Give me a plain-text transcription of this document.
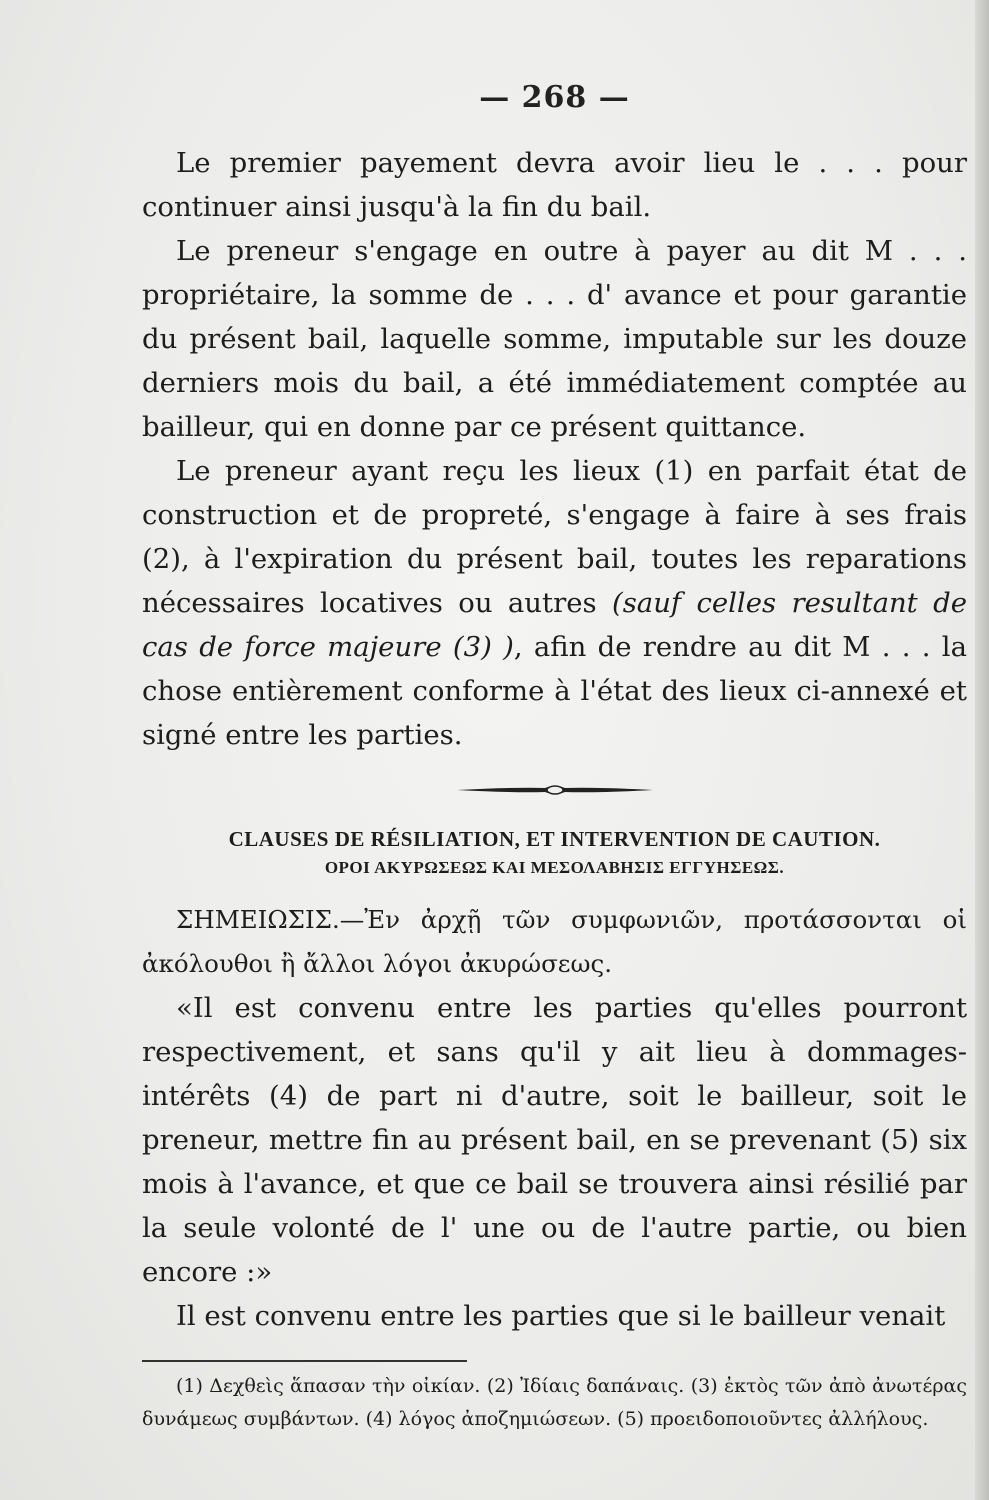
— 268 —

Le premier payement devra avoir lieu le . . . pour continuer ainsi jusqu'à la fin du bail.

Le preneur s'engage en outre à payer au dit M . . . propriétaire, la somme de . . . d' avance et pour garantie du présent bail, laquelle somme, imputable sur les douze derniers mois du bail, a été immédiatement comptée au bailleur, qui en donne par ce présent quittance.

Le preneur ayant reçu les lieux (1) en parfait état de construction et de propreté, s'engage à faire à ses frais (2), à l'expiration du présent bail, toutes les reparations nécessaires locatives ou autres (sauf celles resultant de cas de force majeure (3) ), afin de rendre au dit M . . . la chose entièrement conforme à l'état des lieux ci-annexé et signé entre les parties.

CLAUSES DE RÉSILIATION, ET INTERVENTION DE CAUTION.
ΟΡΟΙ ΑΚΥΡΩΣΕΩΣ ΚΑΙ ΜΕΣΟΛΑΒΗΣΙΣ ΕΓΓΥΗΣΕΩΣ.

ΣΗΜΕΙΩΣΙΣ.—Ἐν ἀρχῇ τῶν συμφωνιῶν, προτάσσονται οἱ ἀκόλουθοι ἢ ἄλλοι λόγοι ἀκυρώσεως.

«Il est convenu entre les parties qu'elles pourront respectivement, et sans qu'il y ait lieu à dommages-intérêts (4) de part ni d'autre, soit le bailleur, soit le preneur, mettre fin au présent bail, en se prevenant (5) six mois à l'avance, et que ce bail se trouvera ainsi résilié par la seule volonté de l' une ou de l'autre partie, ou bien encore :»

Il est convenu entre les parties que si le bailleur venait

(1) Δεχθεὶς ἅπασαν τὴν οἰκίαν. (2) Ἰδίαις δαπάναις. (3) ἐκτὸς τῶν ἀπὸ ἀνωτέρας δυνάμεως συμβάντων. (4) λόγος ἀποζημιώσεων. (5) προειδοποιοῦντες ἀλλήλους.
